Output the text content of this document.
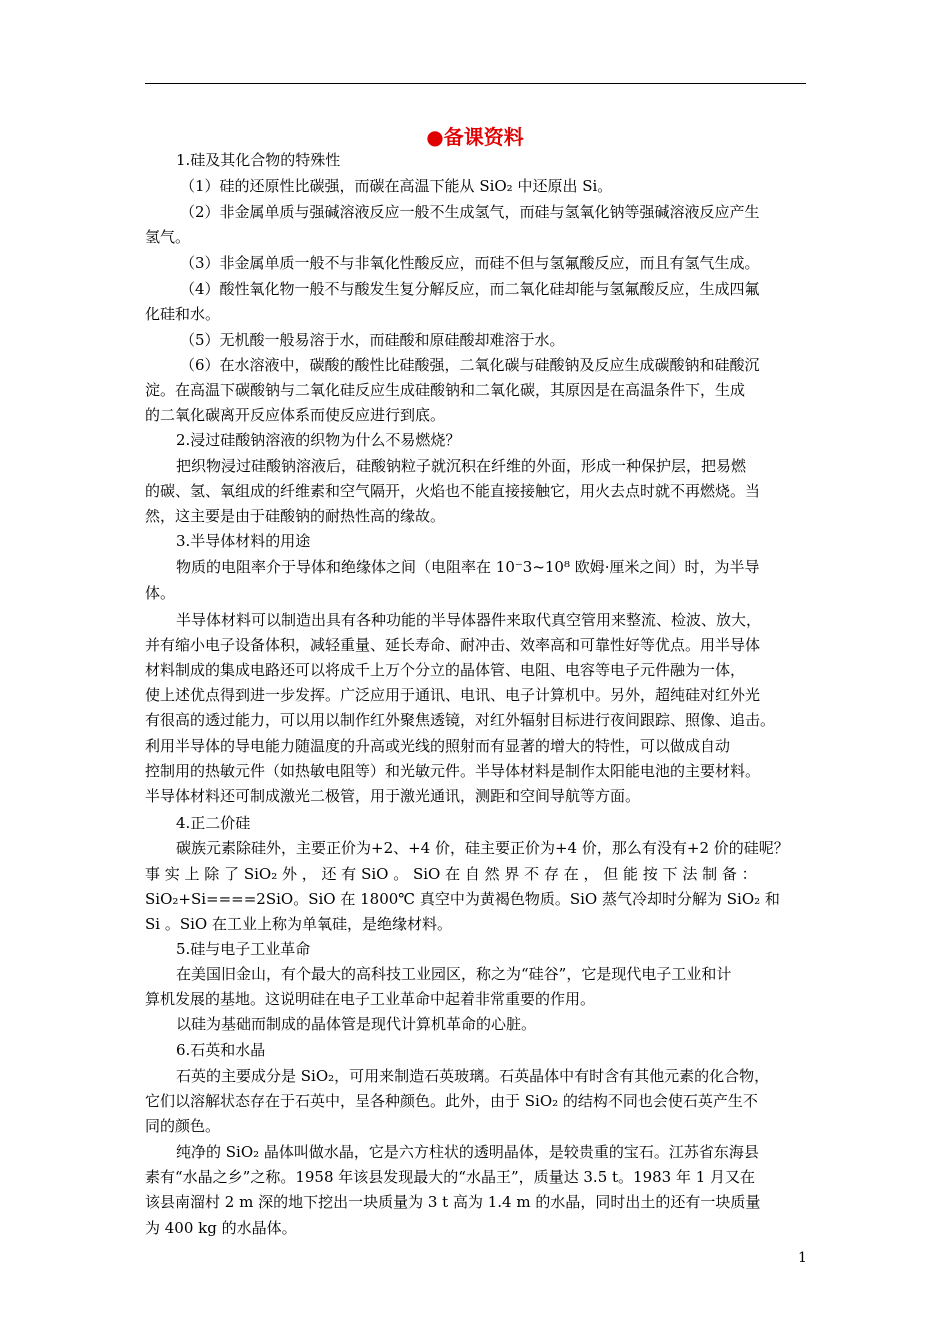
●备课资料
1.硅及其化合物的特殊性
（1）硅的还原性比碳强，而碳在高温下能从 SiO₂ 中还原出 Si。
（2）非金属单质与强碱溶液反应一般不生成氢气，而硅与氢氧化钠等强碱溶液反应产生
氢气。
（3）非金属单质一般不与非氧化性酸反应，而硅不但与氢氟酸反应，而且有氢气生成。
（4）酸性氧化物一般不与酸发生复分解反应，而二氧化硅却能与氢氟酸反应，生成四氟
化硅和水。
（5）无机酸一般易溶于水，而硅酸和原硅酸却难溶于水。
（6）在水溶液中，碳酸的酸性比硅酸强，二氧化碳与硅酸钠及反应生成碳酸钠和硅酸沉
淀。在高温下碳酸钠与二氧化硅反应生成硅酸钠和二氧化碳，其原因是在高温条件下，生成
的二氧化碳离开反应体系而使反应进行到底。
2.浸过硅酸钠溶液的织物为什么不易燃烧？
把织物浸过硅酸钠溶液后，硅酸钠粒子就沉积在纤维的外面，形成一种保护层，把易燃
的碳、氢、氧组成的纤维素和空气隔开，火焰也不能直接接触它，用火去点时就不再燃烧。当
然，这主要是由于硅酸钠的耐热性高的缘故。
3.半导体材料的用途
物质的电阻率介于导体和绝缘体之间（电阻率在 10⁻3~10⁸ 欧姆·厘米之间）时，为半导
体。
半导体材料可以制造出具有各种功能的半导体器件来取代真空管用来整流、检波、放大，
并有缩小电子设备体积，减轻重量、延长寿命、耐冲击、效率高和可靠性好等优点。用半导体
材料制成的集成电路还可以将成千上万个分立的晶体管、电阻、电容等电子元件融为一体，
使上述优点得到进一步发挥。广泛应用于通讯、电讯、电子计算机中。另外，超纯硅对红外光
有很高的透过能力，可以用以制作红外聚焦透镜，对红外辐射目标进行夜间跟踪、照像、追击。
利用半导体的导电能力随温度的升高或光线的照射而有显著的增大的特性，可以做成自动
控制用的热敏元件（如热敏电阻等）和光敏元件。半导体材料是制作太阳能电池的主要材料。
半导体材料还可制成激光二极管，用于激光通讯，测距和空间导航等方面。
4.正二价硅
碳族元素除硅外，主要正价为+2、+4 价，硅主要正价为+4 价，那么有没有+2 价的硅呢？
事 实 上 除 了 SiO₂ 外 ， 还 有 SiO 。 SiO 在 自 然 界 不 存 在 ， 但 能 按 下 法 制 备 ：
SiO₂+Si====2SiO。SiO 在 1800℃ 真空中为黄褐色物质。SiO 蒸气冷却时分解为 SiO₂ 和
Si 。SiO 在工业上称为单氧硅，是绝缘材料。
5.硅与电子工业革命
在美国旧金山，有个最大的高科技工业园区，称之为“硅谷”，它是现代电子工业和计
算机发展的基地。这说明硅在电子工业革命中起着非常重要的作用。
以硅为基础而制成的晶体管是现代计算机革命的心脏。
6.石英和水晶
石英的主要成分是 SiO₂，可用来制造石英玻璃。石英晶体中有时含有其他元素的化合物，
它们以溶解状态存在于石英中，呈各种颜色。此外，由于 SiO₂ 的结构不同也会使石英产生不
同的颜色。
纯净的 SiO₂ 晶体叫做水晶，它是六方柱状的透明晶体，是较贵重的宝石。江苏省东海县
素有“水晶之乡”之称。1958 年该县发现最大的“水晶王”，质量达 3.5 t。1983 年 1 月又在
该县南溜村 2 m 深的地下挖出一块质量为 3 t 高为 1.4 m 的水晶，同时出土的还有一块质量
为 400 kg 的水晶体。
1
